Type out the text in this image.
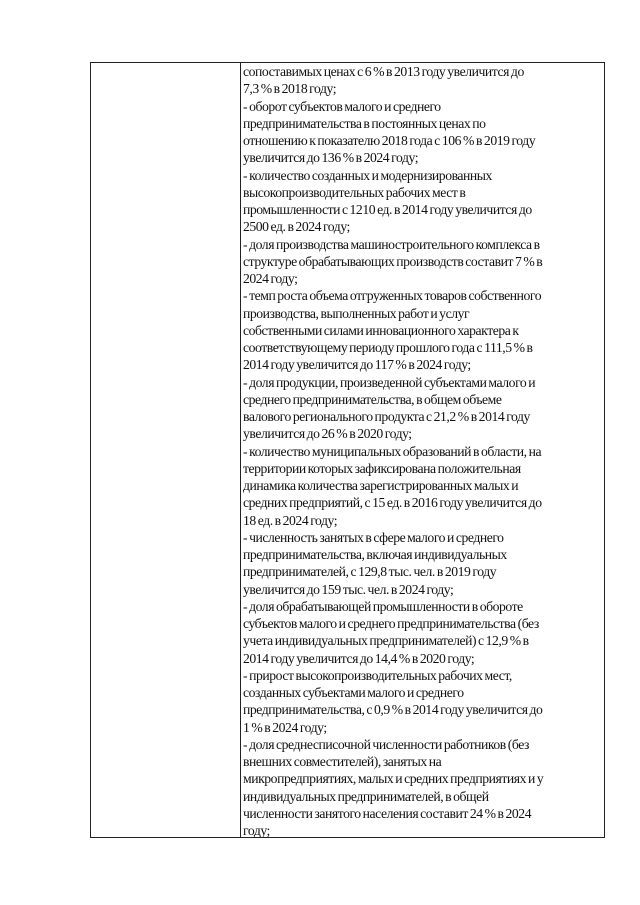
сопоставимых ценах с 6 % в 2013 году увеличится до
7,3 % в 2018 году;
- оборот субъектов малого и среднего
предпринимательства в постоянных ценах по
отношению к показателю 2018 года с 106 % в 2019 году
увеличится до 136 % в 2024 году;
- количество созданных и модернизированных
высокопроизводительных рабочих мест в
промышленности с 1210 ед. в 2014 году увеличится до
2500 ед. в 2024 году;
- доля производства машиностроительного комплекса в
структуре обрабатывающих производств составит 7 % в
2024 году;
- темп роста объема отгруженных товаров собственного
производства, выполненных работ и услуг
собственными силами инновационного характера к
соответствующему периоду прошлого года с 111,5 % в
2014 году увеличится до 117 % в 2024 году;
- доля продукции, произведенной субъектами малого и
среднего предпринимательства, в общем объеме
валового регионального продукта с 21,2 % в 2014 году
увеличится до 26 % в 2020 году;
- количество муниципальных образований в области, на
территории которых зафиксирована положительная
динамика количества зарегистрированных малых и
средних предприятий, с 15 ед. в 2016 году увеличится до
18 ед. в 2024 году;
- численность занятых в сфере малого и среднего
предпринимательства, включая индивидуальных
предпринимателей, с 129,8 тыс. чел. в 2019 году
увеличится до 159 тыс. чел. в 2024 году;
- доля обрабатывающей промышленности в обороте
субъектов малого и среднего предпринимательства (без
учета индивидуальных предпринимателей) с 12,9 % в
2014 году увеличится до 14,4 % в 2020 году;
- прирост высокопроизводительных рабочих мест,
созданных субъектами малого и среднего
предпринимательства, с 0,9 % в 2014 году увеличится до
1 % в 2024 году;
- доля среднесписочной численности работников (без
внешних совместителей), занятых на
микропредприятиях, малых и средних предприятиях и у
индивидуальных предпринимателей, в общей
численности занятого населения составит 24 % в 2024
году;
